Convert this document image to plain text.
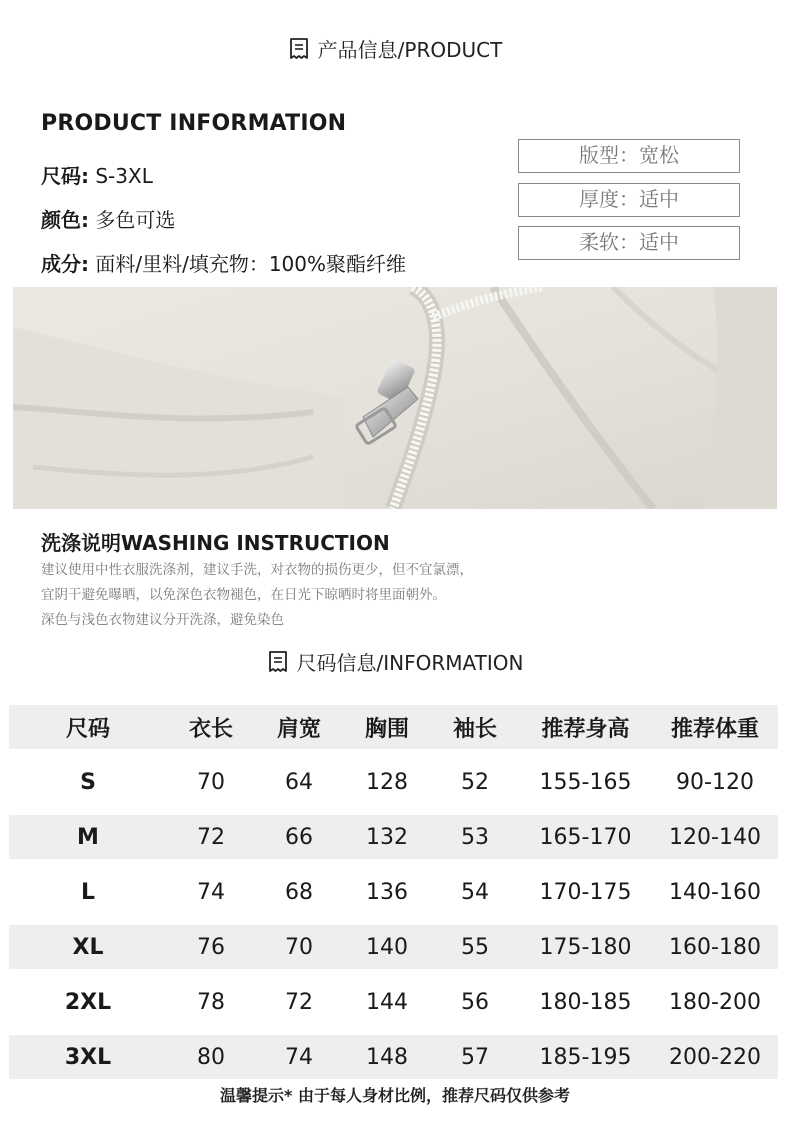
产品信息/PRODUCT
PRODUCT INFORMATION
尺码: S-3XL
颜色: 多色可选
成分: 面料/里料/填充物：100%聚酯纤维
版型：宽松
厚度：适中
柔软：适中
洗涤说明WASHING INSTRUCTION
建议使用中性衣服洗涤剂，建议手洗，对衣物的损伤更少，但不宜氯漂，
宜阴干避免曝晒，以免深色衣物褪色，在日光下晾晒时将里面朝外。
深色与浅色衣物建议分开洗涤，避免染色
尺码信息/INFORMATION
尺码	衣长	肩宽	胸围	袖长	推荐身高	推荐体重
S	70	64	128	52	155-165	90-120
M	72	66	132	53	165-170	120-140
L	74	68	136	54	170-175	140-160
XL	76	70	140	55	175-180	160-180
2XL	78	72	144	56	180-185	180-200
3XL	80	74	148	57	185-195	200-220
温馨提示* 由于每人身材比例，推荐尺码仅供参考
